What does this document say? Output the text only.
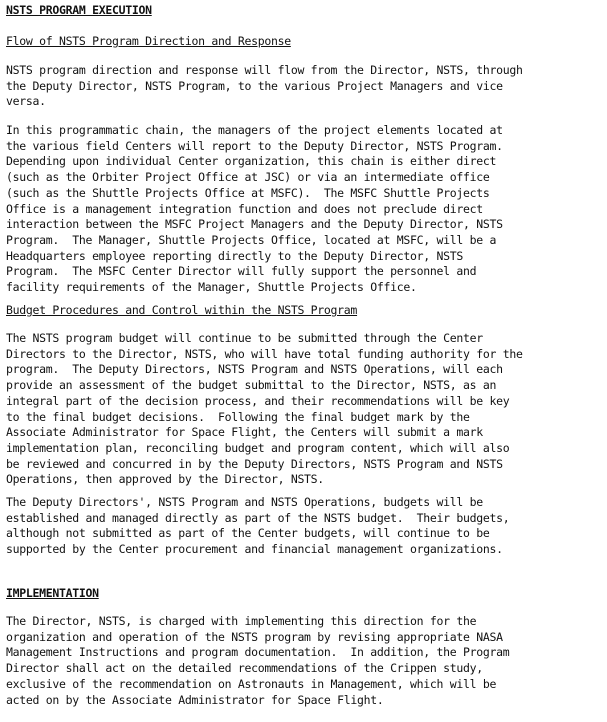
NSTS PROGRAM EXECUTION
Flow of NSTS Program Direction and Response
NSTS program direction and response will flow from the Director, NSTS, through
the Deputy Director, NSTS Program, to the various Project Managers and vice
versa.
In this programmatic chain, the managers of the project elements located at
the various field Centers will report to the Deputy Director, NSTS Program.
Depending upon individual Center organization, this chain is either direct
(such as the Orbiter Project Office at JSC) or via an intermediate office
(such as the Shuttle Projects Office at MSFC).  The MSFC Shuttle Projects
Office is a management integration function and does not preclude direct
interaction between the MSFC Project Managers and the Deputy Director, NSTS
Program.  The Manager, Shuttle Projects Office, located at MSFC, will be a
Headquarters employee reporting directly to the Deputy Director, NSTS
Program.  The MSFC Center Director will fully support the personnel and
facility requirements of the Manager, Shuttle Projects Office.
Budget Procedures and Control within the NSTS Program
The NSTS program budget will continue to be submitted through the Center
Directors to the Director, NSTS, who will have total funding authority for the
program.  The Deputy Directors, NSTS Program and NSTS Operations, will each
provide an assessment of the budget submittal to the Director, NSTS, as an
integral part of the decision process, and their recommendations will be key
to the final budget decisions.  Following the final budget mark by the
Associate Administrator for Space Flight, the Centers will submit a mark
implementation plan, reconciling budget and program content, which will also
be reviewed and concurred in by the Deputy Directors, NSTS Program and NSTS
Operations, then approved by the Director, NSTS.
The Deputy Directors', NSTS Program and NSTS Operations, budgets will be
established and managed directly as part of the NSTS budget.  Their budgets,
although not submitted as part of the Center budgets, will continue to be
supported by the Center procurement and financial management organizations.
IMPLEMENTATION
The Director, NSTS, is charged with implementing this direction for the
organization and operation of the NSTS program by revising appropriate NASA
Management Instructions and program documentation.  In addition, the Program
Director shall act on the detailed recommendations of the Crippen study,
exclusive of the recommendation on Astronauts in Management, which will be
acted on by the Associate Administrator for Space Flight.
